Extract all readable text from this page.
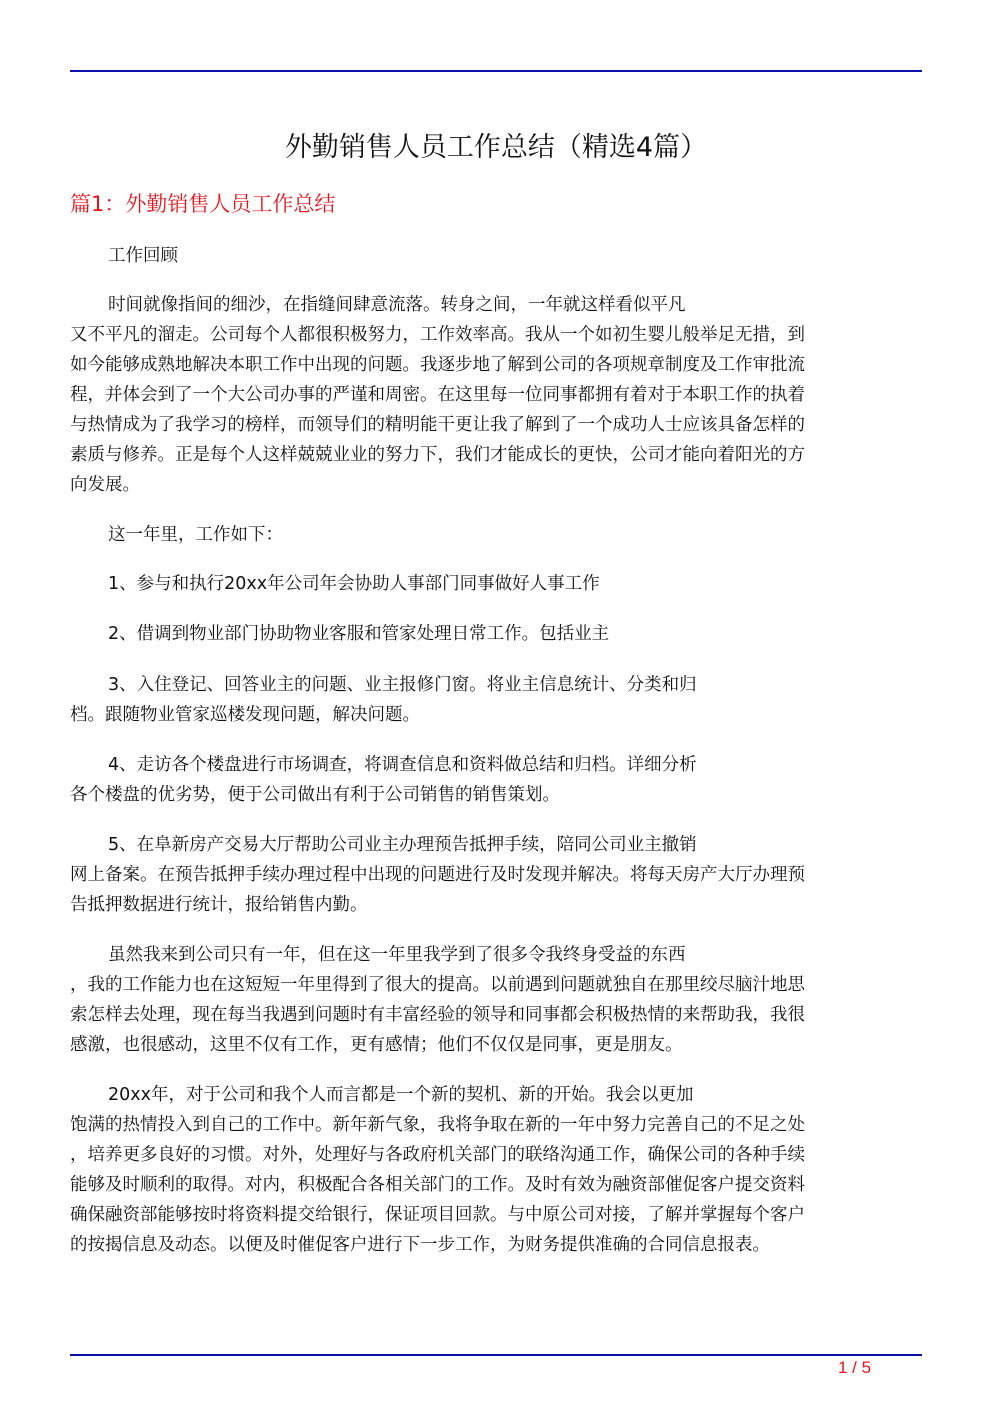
外勤销售人员工作总结（精选4篇）
篇1：外勤销售人员工作总结
工作回顾
时间就像指间的细沙，在指缝间肆意流落。转身之间，一年就这样看似平凡
又不平凡的溜走。公司每个人都很积极努力，工作效率高。我从一个如初生婴儿般举足无措，到
如今能够成熟地解决本职工作中出现的问题。我逐步地了解到公司的各项规章制度及工作审批流
程，并体会到了一个大公司办事的严谨和周密。在这里每一位同事都拥有着对于本职工作的执着
与热情成为了我学习的榜样，而领导们的精明能干更让我了解到了一个成功人士应该具备怎样的
素质与修养。正是每个人这样兢兢业业的努力下，我们才能成长的更快，公司才能向着阳光的方
向发展。
这一年里，工作如下：
1、参与和执行20xx年公司年会协助人事部门同事做好人事工作
2、借调到物业部门协助物业客服和管家处理日常工作。包括业主
3、入住登记、回答业主的问题、业主报修门窗。将业主信息统计、分类和归
档。跟随物业管家巡楼发现问题，解决问题。
4、走访各个楼盘进行市场调查，将调查信息和资料做总结和归档。详细分析
各个楼盘的优劣势，便于公司做出有利于公司销售的销售策划。
5、在阜新房产交易大厅帮助公司业主办理预告抵押手续，陪同公司业主撤销
网上备案。在预告抵押手续办理过程中出现的问题进行及时发现并解决。将每天房产大厅办理预
告抵押数据进行统计，报给销售内勤。
虽然我来到公司只有一年，但在这一年里我学到了很多令我终身受益的东西
，我的工作能力也在这短短一年里得到了很大的提高。以前遇到问题就独自在那里绞尽脑汁地思
索怎样去处理，现在每当我遇到问题时有丰富经验的领导和同事都会积极热情的来帮助我，我很
感激，也很感动，这里不仅有工作，更有感情；他们不仅仅是同事，更是朋友。
20xx年，对于公司和我个人而言都是一个新的契机、新的开始。我会以更加
饱满的热情投入到自己的工作中。新年新气象，我将争取在新的一年中努力完善自己的不足之处
，培养更多良好的习惯。对外，处理好与各政府机关部门的联络沟通工作，确保公司的各种手续
能够及时顺利的取得。对内，积极配合各相关部门的工作。及时有效为融资部催促客户提交资料
确保融资部能够按时将资料提交给银行，保证项目回款。与中原公司对接，了解并掌握每个客户
的按揭信息及动态。以便及时催促客户进行下一步工作，为财务提供准确的合同信息报表。
1 / 5
